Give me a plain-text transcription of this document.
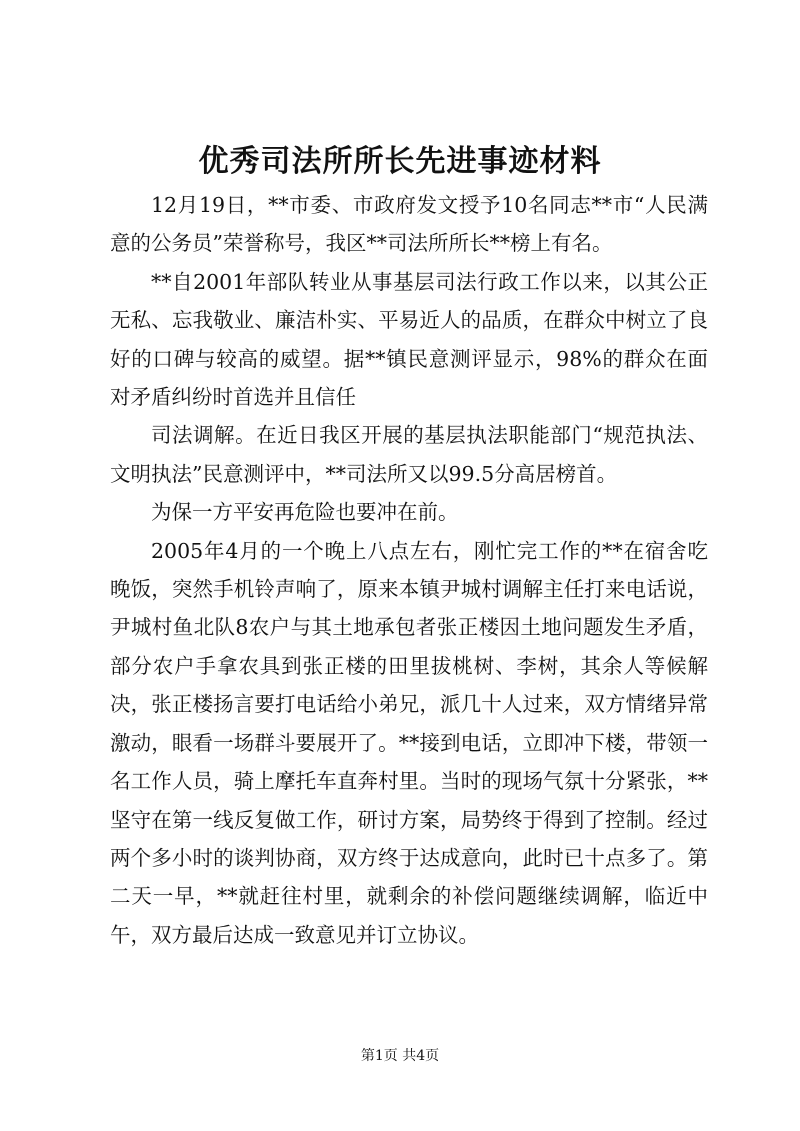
优秀司法所所长先进事迹材料

12月19日，**市委、市政府发文授予10名同志**市“人民满意的公务员”荣誉称号，我区**司法所所长**榜上有名。

**自2001年部队转业从事基层司法行政工作以来，以其公正无私、忘我敬业、廉洁朴实、平易近人的品质，在群众中树立了良好的口碑与较高的威望。据**镇民意测评显示，98%的群众在面对矛盾纠纷时首选并且信任

司法调解。在近日我区开展的基层执法职能部门“规范执法、文明执法”民意测评中，**司法所又以99.5分高居榜首。

为保一方平安再危险也要冲在前。

2005年4月的一个晚上八点左右，刚忙完工作的**在宿舍吃晚饭，突然手机铃声响了，原来本镇尹城村调解主任打来电话说，尹城村鱼北队8农户与其土地承包者张正楼因土地问题发生矛盾，部分农户手拿农具到张正楼的田里拔桃树、李树，其余人等候解决，张正楼扬言要打电话给小弟兄，派几十人过来，双方情绪异常激动，眼看一场群斗要展开了。**接到电话，立即冲下楼，带领一名工作人员，骑上摩托车直奔村里。当时的现场气氛十分紧张，**坚守在第一线反复做工作，研讨方案，局势终于得到了控制。经过两个多小时的谈判协商，双方终于达成意向，此时已十点多了。第二天一早，**就赶往村里，就剩余的补偿问题继续调解，临近中午，双方最后达成一致意见并订立协议。

第1页 共4页
